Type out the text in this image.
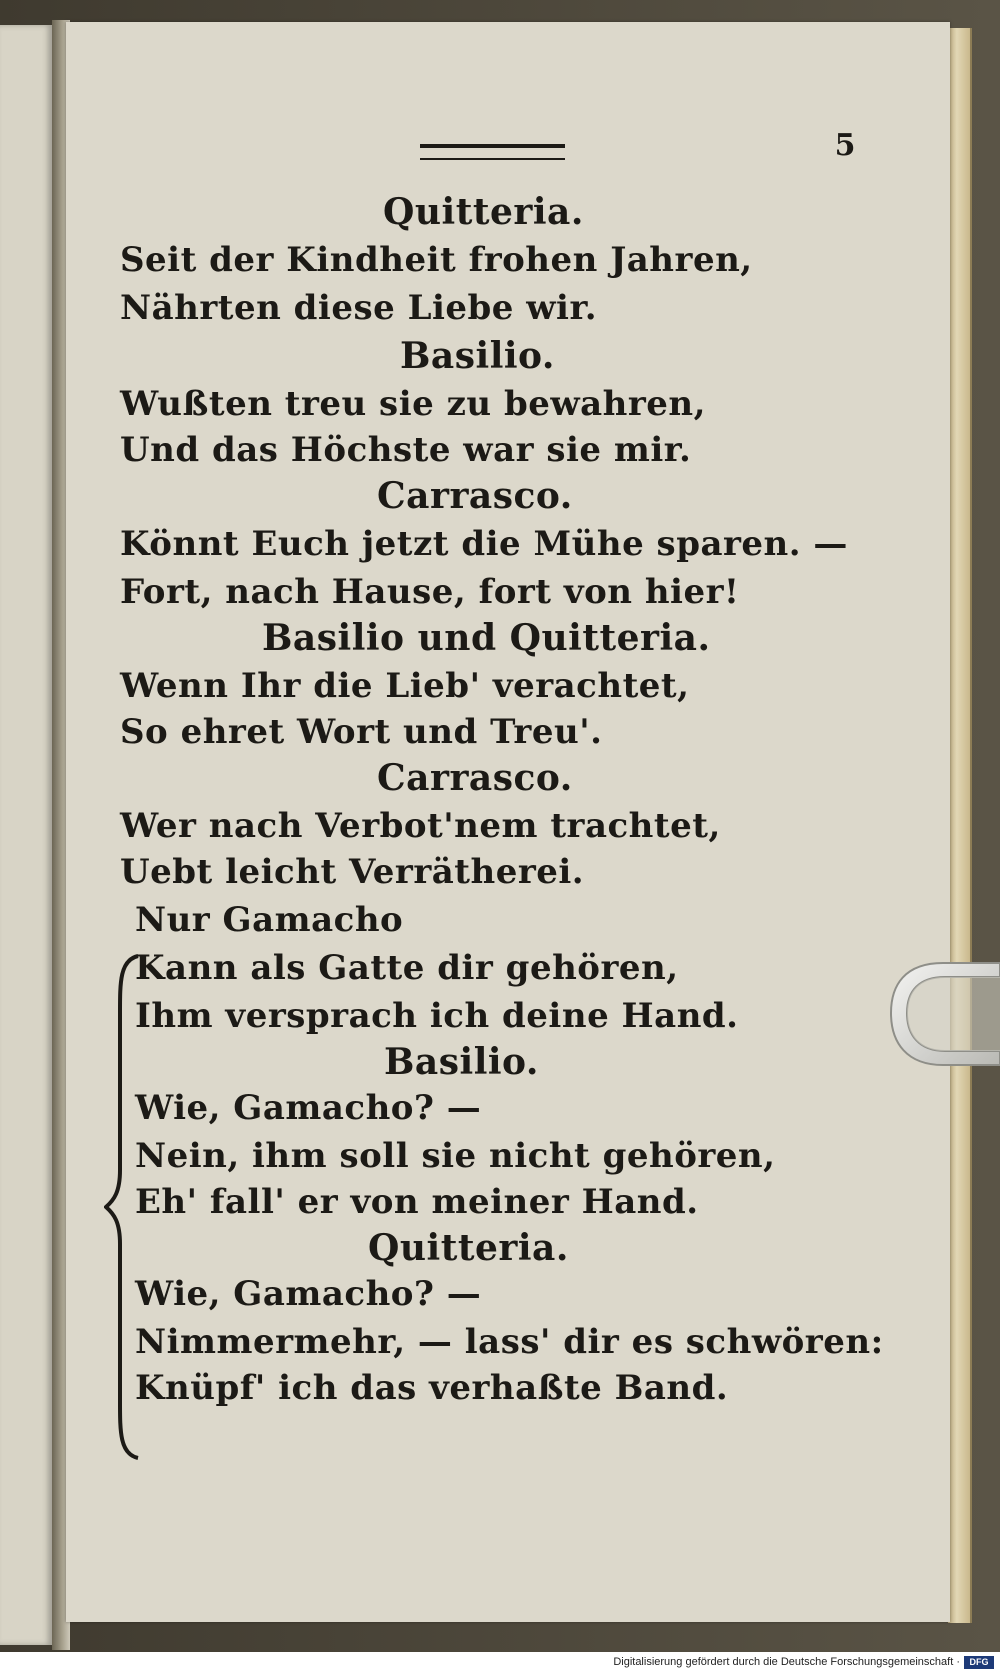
5
Quitteria.
Seit der Kindheit frohen Jahren,
Nährten diese Liebe wir.
Basilio.
Wußten treu sie zu bewahren,
Und das Höchste war sie mir.
Carrasco.
Könnt Euch jetzt die Mühe sparen. —
Fort, nach Hause, fort von hier!
Basilio und Quitteria.
Wenn Ihr die Lieb' verachtet,
So ehret Wort und Treu'.
Carrasco.
Wer nach Verbot'nem trachtet,
Uebt leicht Verrätherei.
Nur Gamacho
Kann als Gatte dir gehören,
Ihm versprach ich deine Hand.
Basilio.
Wie, Gamacho? —
Nein, ihm soll sie nicht gehören,
Eh' fall' er von meiner Hand.
Quitteria.
Wie, Gamacho? —
Nimmermehr, — lass' dir es schwören:
Knüpf' ich das verhaßte Band.
Digitalisierung gefördert durch die Deutsche Forschungsgemeinschaft ·	DFG
